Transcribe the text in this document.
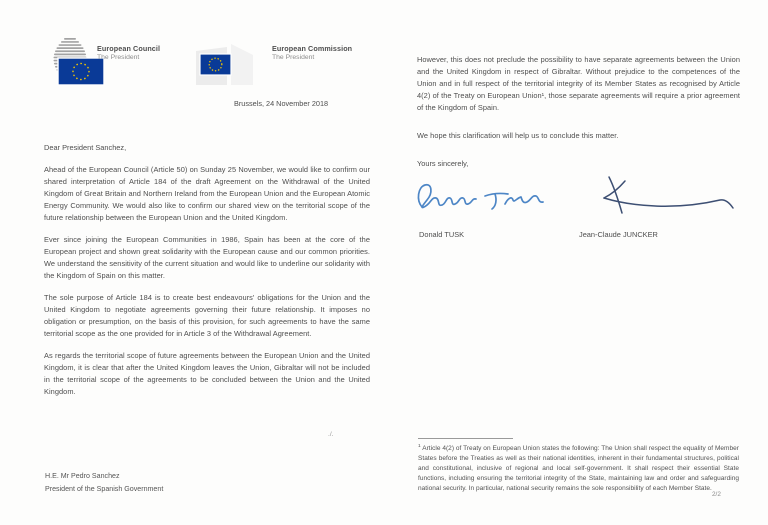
European Council
The President
European Commission
The President
Brussels, 24 November 2018
Dear President Sanchez,

Ahead of the European Council (Article 50) on Sunday 25 November, we would like to confirm our shared interpretation of Article 184 of the draft Agreement on the Withdrawal of the United Kingdom of Great Britain and Northern Ireland from the European Union and the European Atomic Energy Community. We would also like to confirm our shared view on the territorial scope of the future relationship between the European Union and the United Kingdom.

Ever since joining the European Communities in 1986, Spain has been at the core of the European project and shown great solidarity with the European cause and our common priorities. We understand the sensitivity of the current situation and would like to underline our solidarity with the Kingdom of Spain on this matter.

The sole purpose of Article 184 is to create best endeavours' obligations for the Union and the United Kingdom to negotiate agreements governing their future relationship. It imposes no obligation or presumption, on the basis of this provision, for such agreements to have the same territorial scope as the one provided for in Article 3 of the Withdrawal Agreement.

As regards the territorial scope of future agreements between the European Union and the United Kingdom, it is clear that after the United Kingdom leaves the Union, Gibraltar will not be included in the territorial scope of the agreements to be concluded between the Union and the United Kingdom.

./.
H.E. Mr Pedro Sanchez
President of the Spanish Government

However, this does not preclude the possibility to have separate agreements between the Union and the United Kingdom in respect of Gibraltar. Without prejudice to the competences of the Union and in full respect of the territorial integrity of its Member States as recognised by Article 4(2) of the Treaty on European Union¹, those separate agreements will require a prior agreement of the Kingdom of Spain.

We hope this clarification will help us to conclude this matter.

Yours sincerely,
Donald TUSK	Jean-Claude JUNCKER
$^1$ Article 4(2) of Treaty on European Union states the following: The Union shall respect the equality of Member States before the Treaties as well as their national identities, inherent in their fundamental structures, political and constitutional, inclusive of regional and local self-government. It shall respect their essential State functions, including ensuring the territorial integrity of the State, maintaining law and order and safeguarding national security. In particular, national security remains the sole responsibility of each Member State.
2/2
